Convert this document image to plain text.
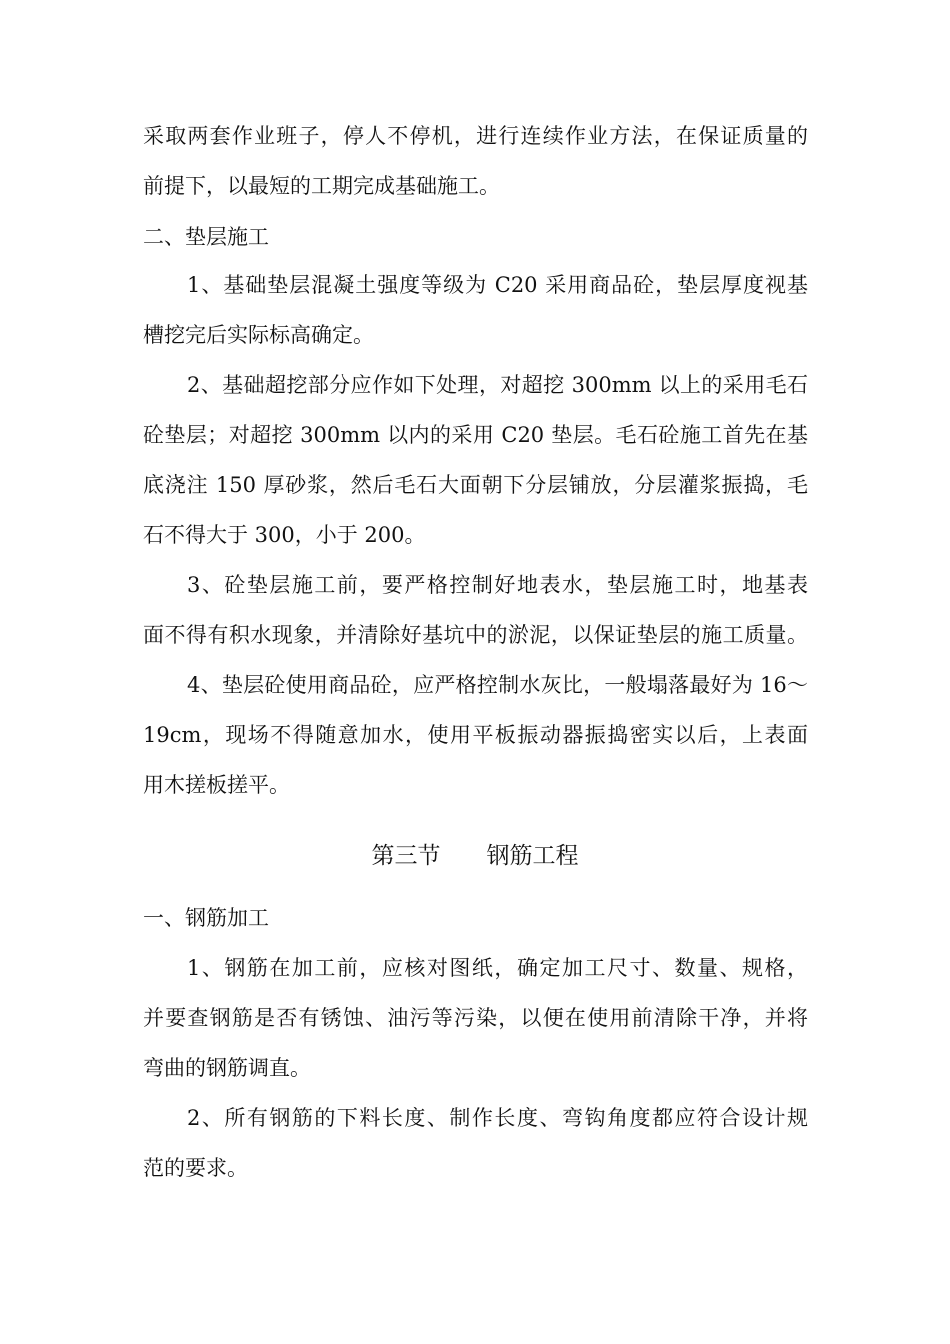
采取两套作业班子，停人不停机，进行连续作业方法，在保证质量的
前提下，以最短的工期完成基础施工。
二、垫层施工
1、基础垫层混凝土强度等级为 C20 采用商品砼，垫层厚度视基
槽挖完后实际标高确定。
2、基础超挖部分应作如下处理，对超挖 300mm 以上的采用毛石
砼垫层；对超挖 300mm 以内的采用 C20 垫层。毛石砼施工首先在基
底浇注 150 厚砂浆，然后毛石大面朝下分层铺放，分层灌浆振捣，毛
石不得大于 300，小于 200。
3、砼垫层施工前，要严格控制好地表水，垫层施工时，地基表
面不得有积水现象，并清除好基坑中的淤泥，以保证垫层的施工质量。
4、垫层砼使用商品砼，应严格控制水灰比，一般塌落最好为 16～
19cm，现场不得随意加水，使用平板振动器振捣密实以后，上表面
用木搓板搓平。
第三节　　钢筋工程
一、钢筋加工
1、钢筋在加工前，应核对图纸，确定加工尺寸、数量、规格，
并要查钢筋是否有锈蚀、油污等污染，以便在使用前清除干净，并将
弯曲的钢筋调直。
2、所有钢筋的下料长度、制作长度、弯钩角度都应符合设计规
范的要求。
